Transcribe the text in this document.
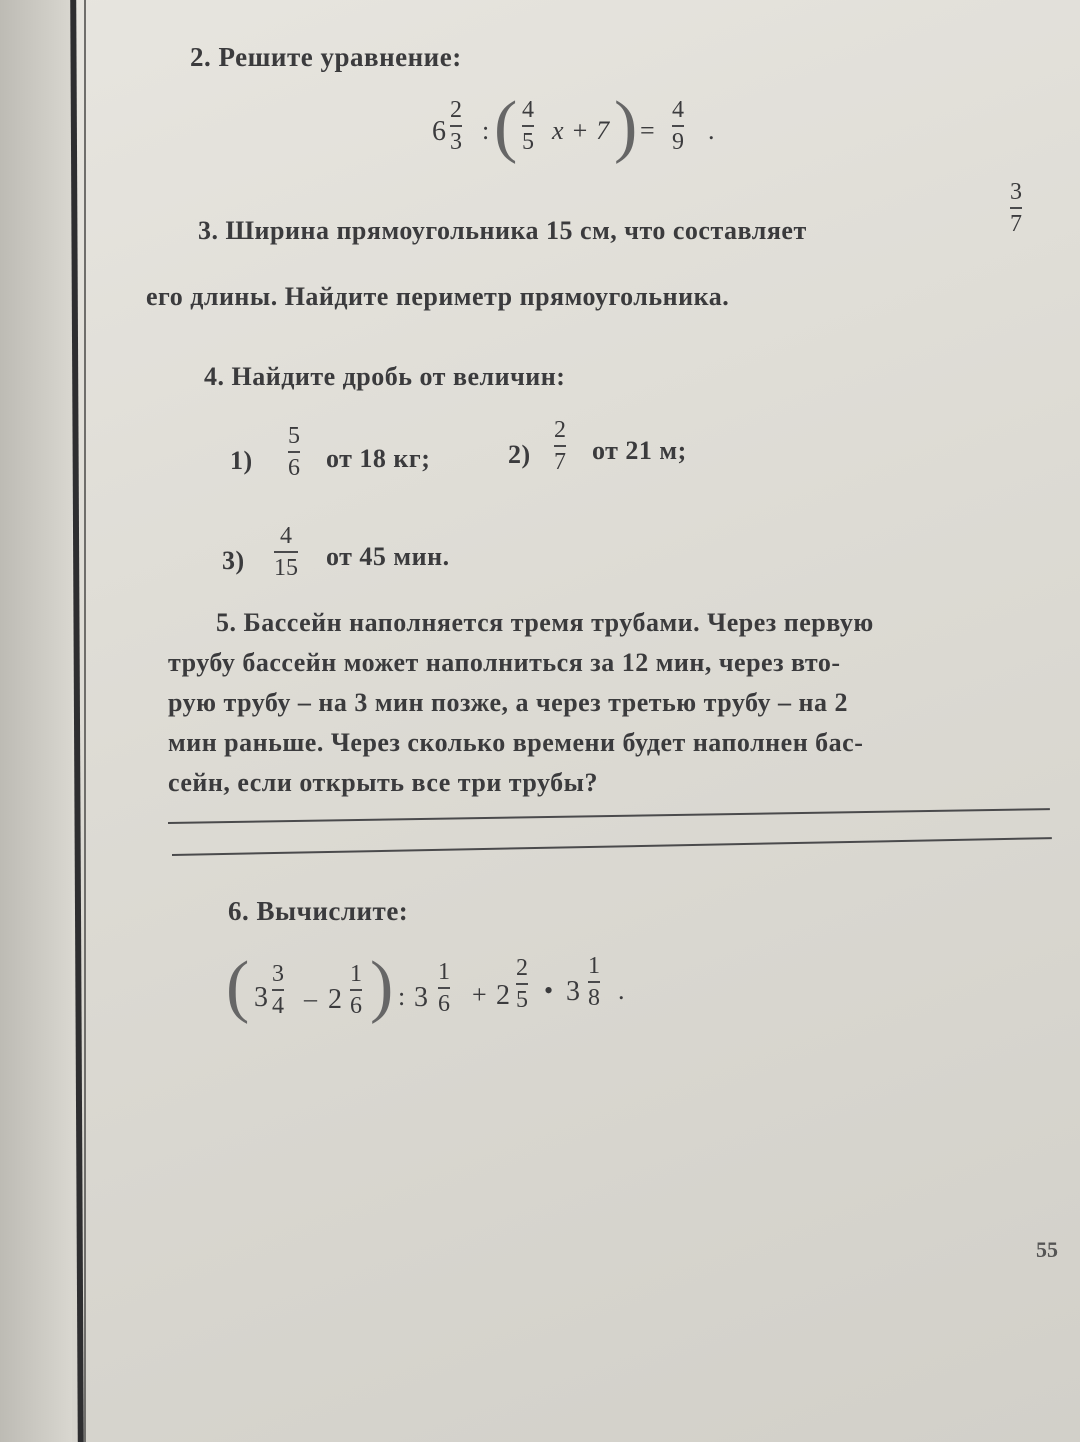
2. Решите уравнение:
6
2
3 : ( 4
5 x + 7 ) =
4
9 .
3. Ширина прямоугольника 15 см, что составляет
3
7
его длины. Найдите периметр прямоугольника.
4. Найдите дробь от величин:
1)
5
6 от 18 кг;	2)
2
7 от 21 м;
3)
4
15 от 45 мин.
5. Бассейн наполняется тремя трубами. Через первую
трубу бассейн может наполниться за 12 мин, через вто-
рую трубу – на 3 мин позже, а через третью трубу – на 2
мин раньше. Через сколько времени будет наполнен бас-
сейн, если открыть все три трубы?
6. Вычислите:
( 3
3
4 – 2
1
6 ) : 3
1
6 + 2
2
5 • 3
1
8 .
55
